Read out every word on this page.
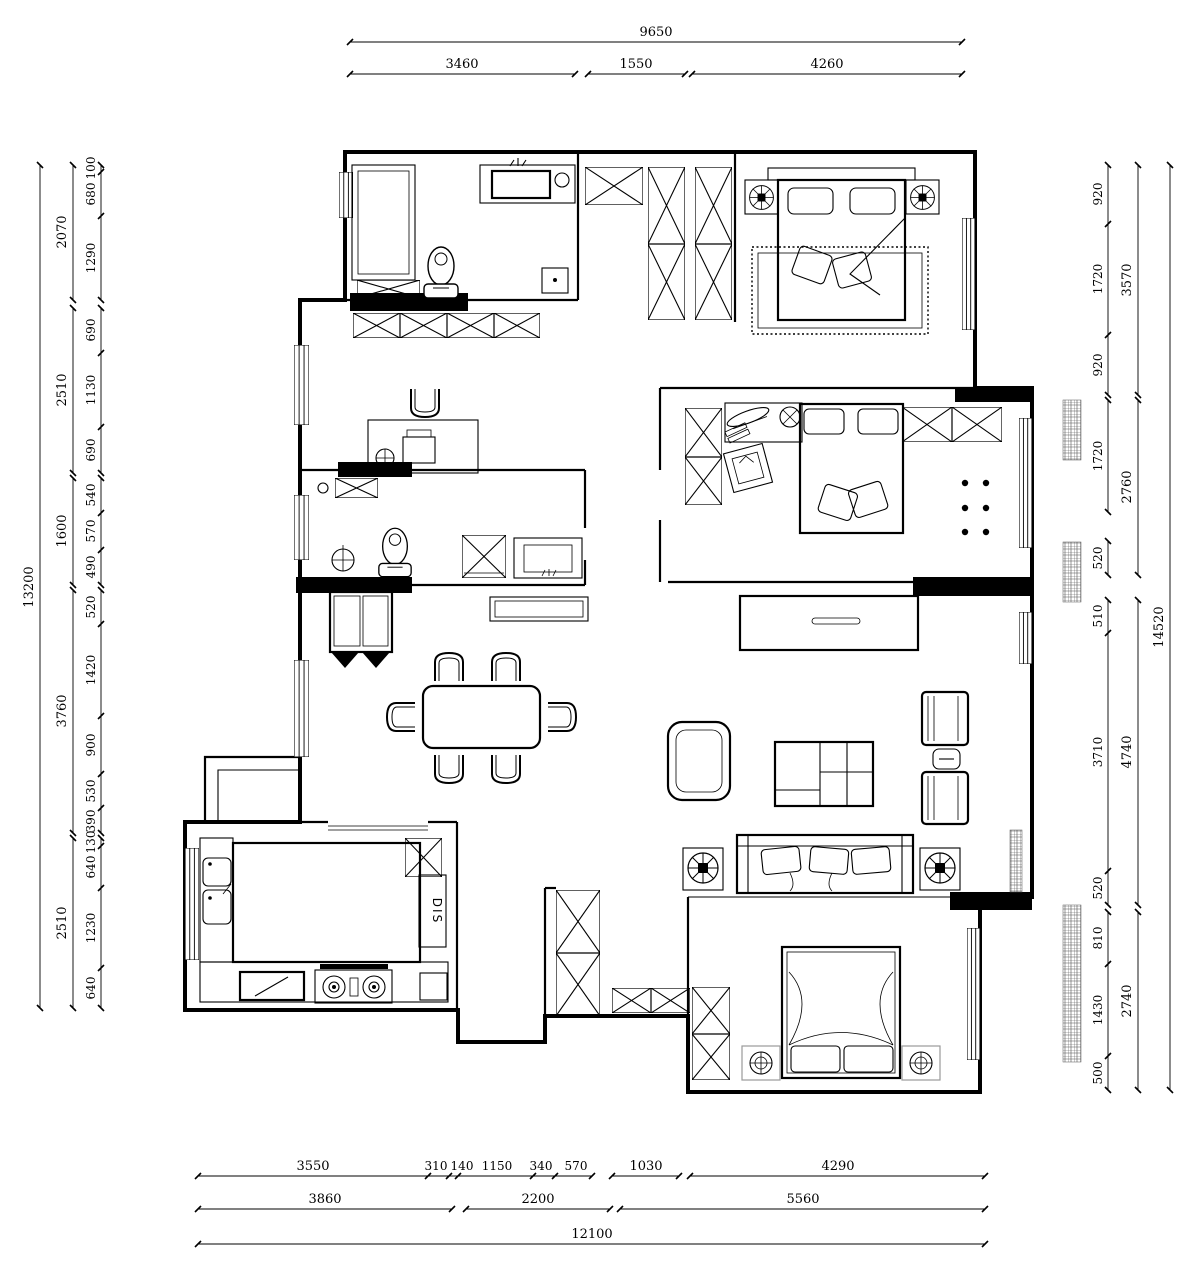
9650
3460	1550	4260
3550	310 140 1150 340 570	1030	4290
3860	2200	5560
12100
13200
2070
2510
1600
3760
2510
100
680
1290
690
1130
690
540
570
490
520
1420
900
530
390
130
640
1230
640
920
1720
920
1720
520
510
3710
520
810
1430
500
3570
2760
4740
2740
14520
DIS
